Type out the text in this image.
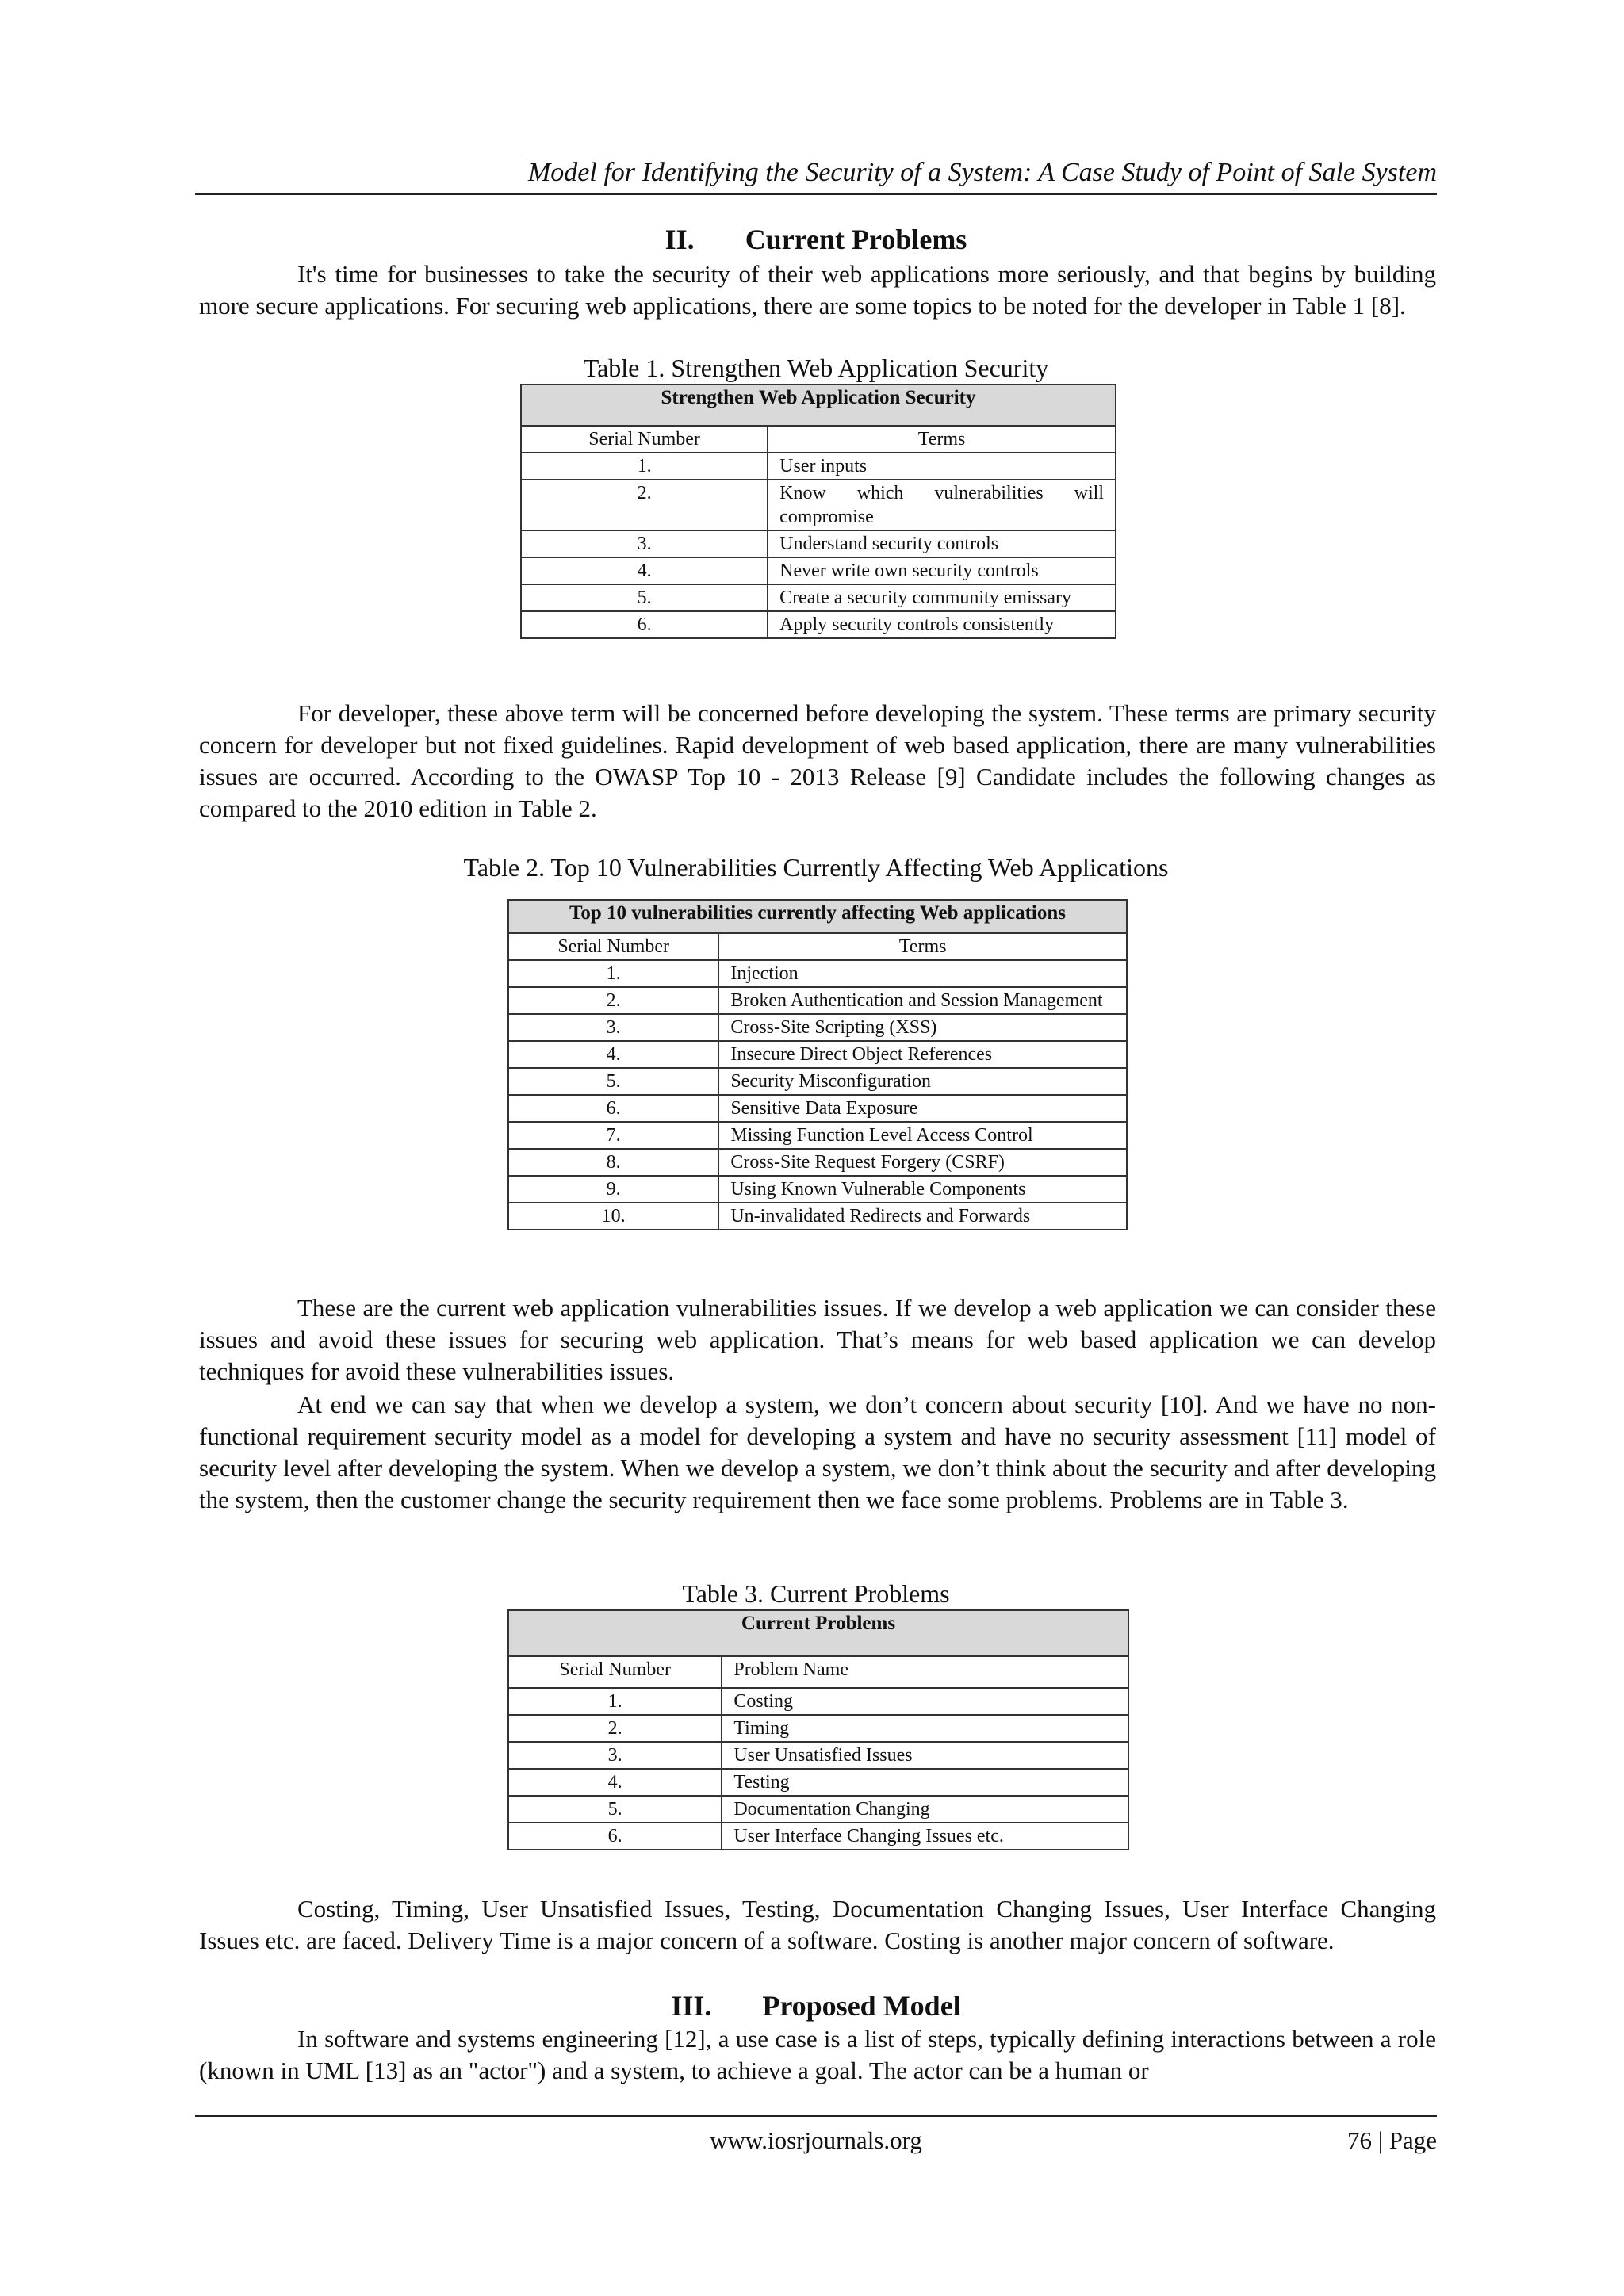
Model for Identifying the Security of a System: A Case Study of Point of Sale System
II. Current Problems

It's time for businesses to take the security of their web applications more seriously, and that begins by building more secure applications. For securing web applications, there are some topics to be noted for the developer in Table 1 [8].

Table 1. Strengthen Web Application Security
Strengthen Web Application Security	
Serial Number	Terms
1.	User inputs
2.	Know which vulnerabilities will compromise
3.	Understand security controls
4.	Never write own security controls
5.	Create a security community emissary
6.	Apply security controls consistently

For developer, these above term will be concerned before developing the system. These terms are primary security concern for developer but not fixed guidelines. Rapid development of web based application, there are many vulnerabilities issues are occurred. According to the OWASP Top 10 - 2013 Release [9] Candidate includes the following changes as compared to the 2010 edition in Table 2.

Table 2. Top 10 Vulnerabilities Currently Affecting Web Applications
Top 10 vulnerabilities currently affecting Web applications	
Serial Number	Terms
1.	Injection
2.	Broken Authentication and Session Management
3.	Cross-Site Scripting (XSS)
4.	Insecure Direct Object References
5.	Security Misconfiguration
6.	Sensitive Data Exposure
7.	Missing Function Level Access Control
8.	Cross-Site Request Forgery (CSRF)
9.	Using Known Vulnerable Components
10.	Un-invalidated Redirects and Forwards

These are the current web application vulnerabilities issues. If we develop a web application we can consider these issues and avoid these issues for securing web application. That’s means for web based application we can develop techniques for avoid these vulnerabilities issues.

At end we can say that when we develop a system, we don’t concern about security [10]. And we have no non-functional requirement security model as a model for developing a system and have no security assessment [11] model of security level after developing the system. When we develop a system, we don’t think about the security and after developing the system, then the customer change the security requirement then we face some problems. Problems are in Table 3.

Table 3. Current Problems
Current Problems	
Serial Number	Problem Name
1.	Costing
2.	Timing
3.	User Unsatisfied Issues
4.	Testing
5.	Documentation Changing
6.	User Interface Changing Issues etc.

Costing, Timing, User Unsatisfied Issues, Testing, Documentation Changing Issues, User Interface Changing Issues etc. are faced. Delivery Time is a major concern of a software. Costing is another major concern of software.

III. Proposed Model

In software and systems engineering [12], a use case is a list of steps, typically defining interactions between a role (known in UML [13] as an "actor") and a system, to achieve a goal. The actor can be a human or

www.iosrjournals.org	76 | Page
